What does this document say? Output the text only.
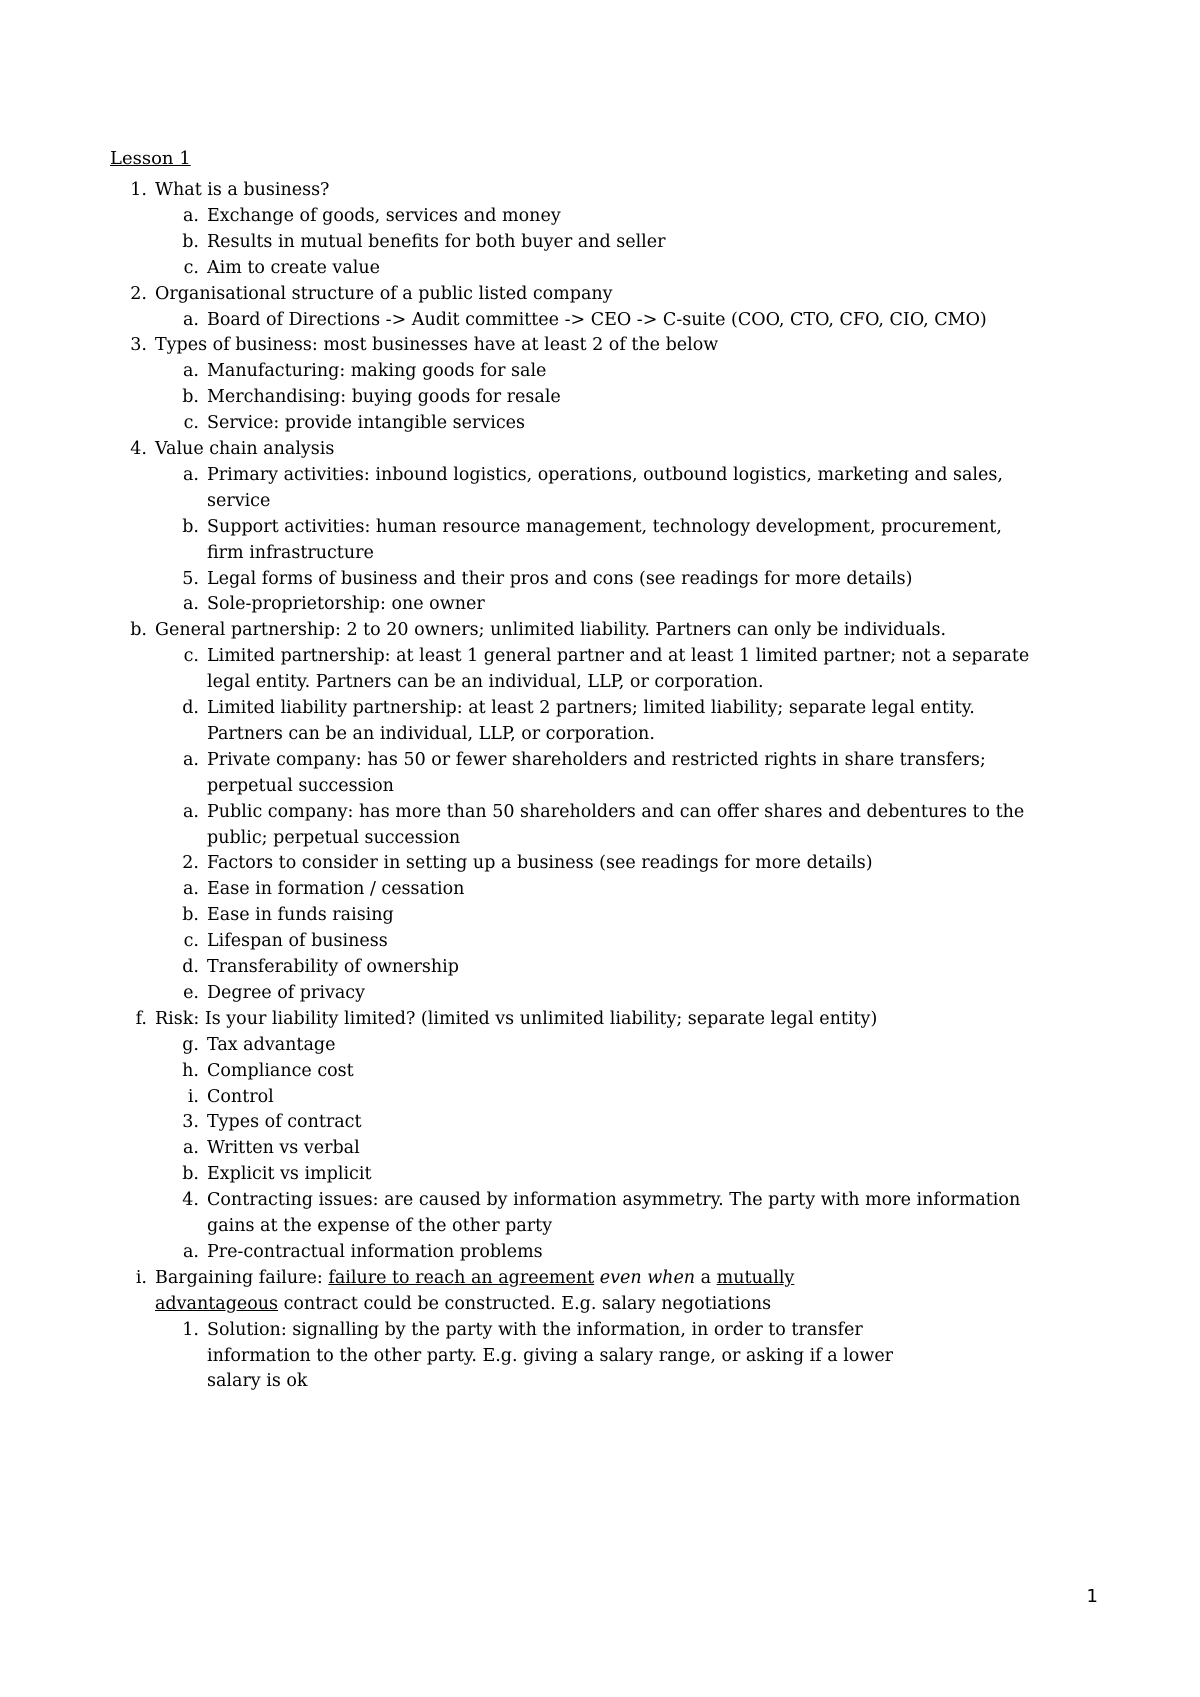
Lesson 1
1. What is a business?
a. Exchange of goods, services and money
b. Results in mutual benefits for both buyer and seller
c. Aim to create value
2. Organisational structure of a public listed company
a. Board of Directions -> Audit committee -> CEO -> C-suite (COO, CTO, CFO, CIO, CMO)
3. Types of business: most businesses have at least 2 of the below
a. Manufacturing: making goods for sale
b. Merchandising: buying goods for resale
c. Service: provide intangible services
4. Value chain analysis
a. Primary activities: inbound logistics, operations, outbound logistics, marketing and sales,
service
b. Support activities: human resource management, technology development, procurement,
firm infrastructure
5. Legal forms of business and their pros and cons (see readings for more details)
a. Sole-proprietorship: one owner
b. General partnership: 2 to 20 owners; unlimited liability. Partners can only be individuals.
c. Limited partnership: at least 1 general partner and at least 1 limited partner; not a separate
legal entity. Partners can be an individual, LLP, or corporation.
d. Limited liability partnership: at least 2 partners; limited liability; separate legal entity.
Partners can be an individual, LLP, or corporation.
a. Private company: has 50 or fewer shareholders and restricted rights in share transfers;
perpetual succession
a. Public company: has more than 50 shareholders and can offer shares and debentures to the
public; perpetual succession
2. Factors to consider in setting up a business (see readings for more details)
a. Ease in formation / cessation
b. Ease in funds raising
c. Lifespan of business
d. Transferability of ownership
e. Degree of privacy
f. Risk: Is your liability limited? (limited vs unlimited liability; separate legal entity)
g. Tax advantage
h. Compliance cost
i. Control
3. Types of contract
a. Written vs verbal
b. Explicit vs implicit
4. Contracting issues: are caused by information asymmetry. The party with more information
gains at the expense of the other party
a. Pre-contractual information problems
i. Bargaining failure: failure to reach an agreement even when a mutually
advantageous contract could be constructed. E.g. salary negotiations
1. Solution: signalling by the party with the information, in order to transfer
information to the other party. E.g. giving a salary range, or asking if a lower
salary is ok
1
